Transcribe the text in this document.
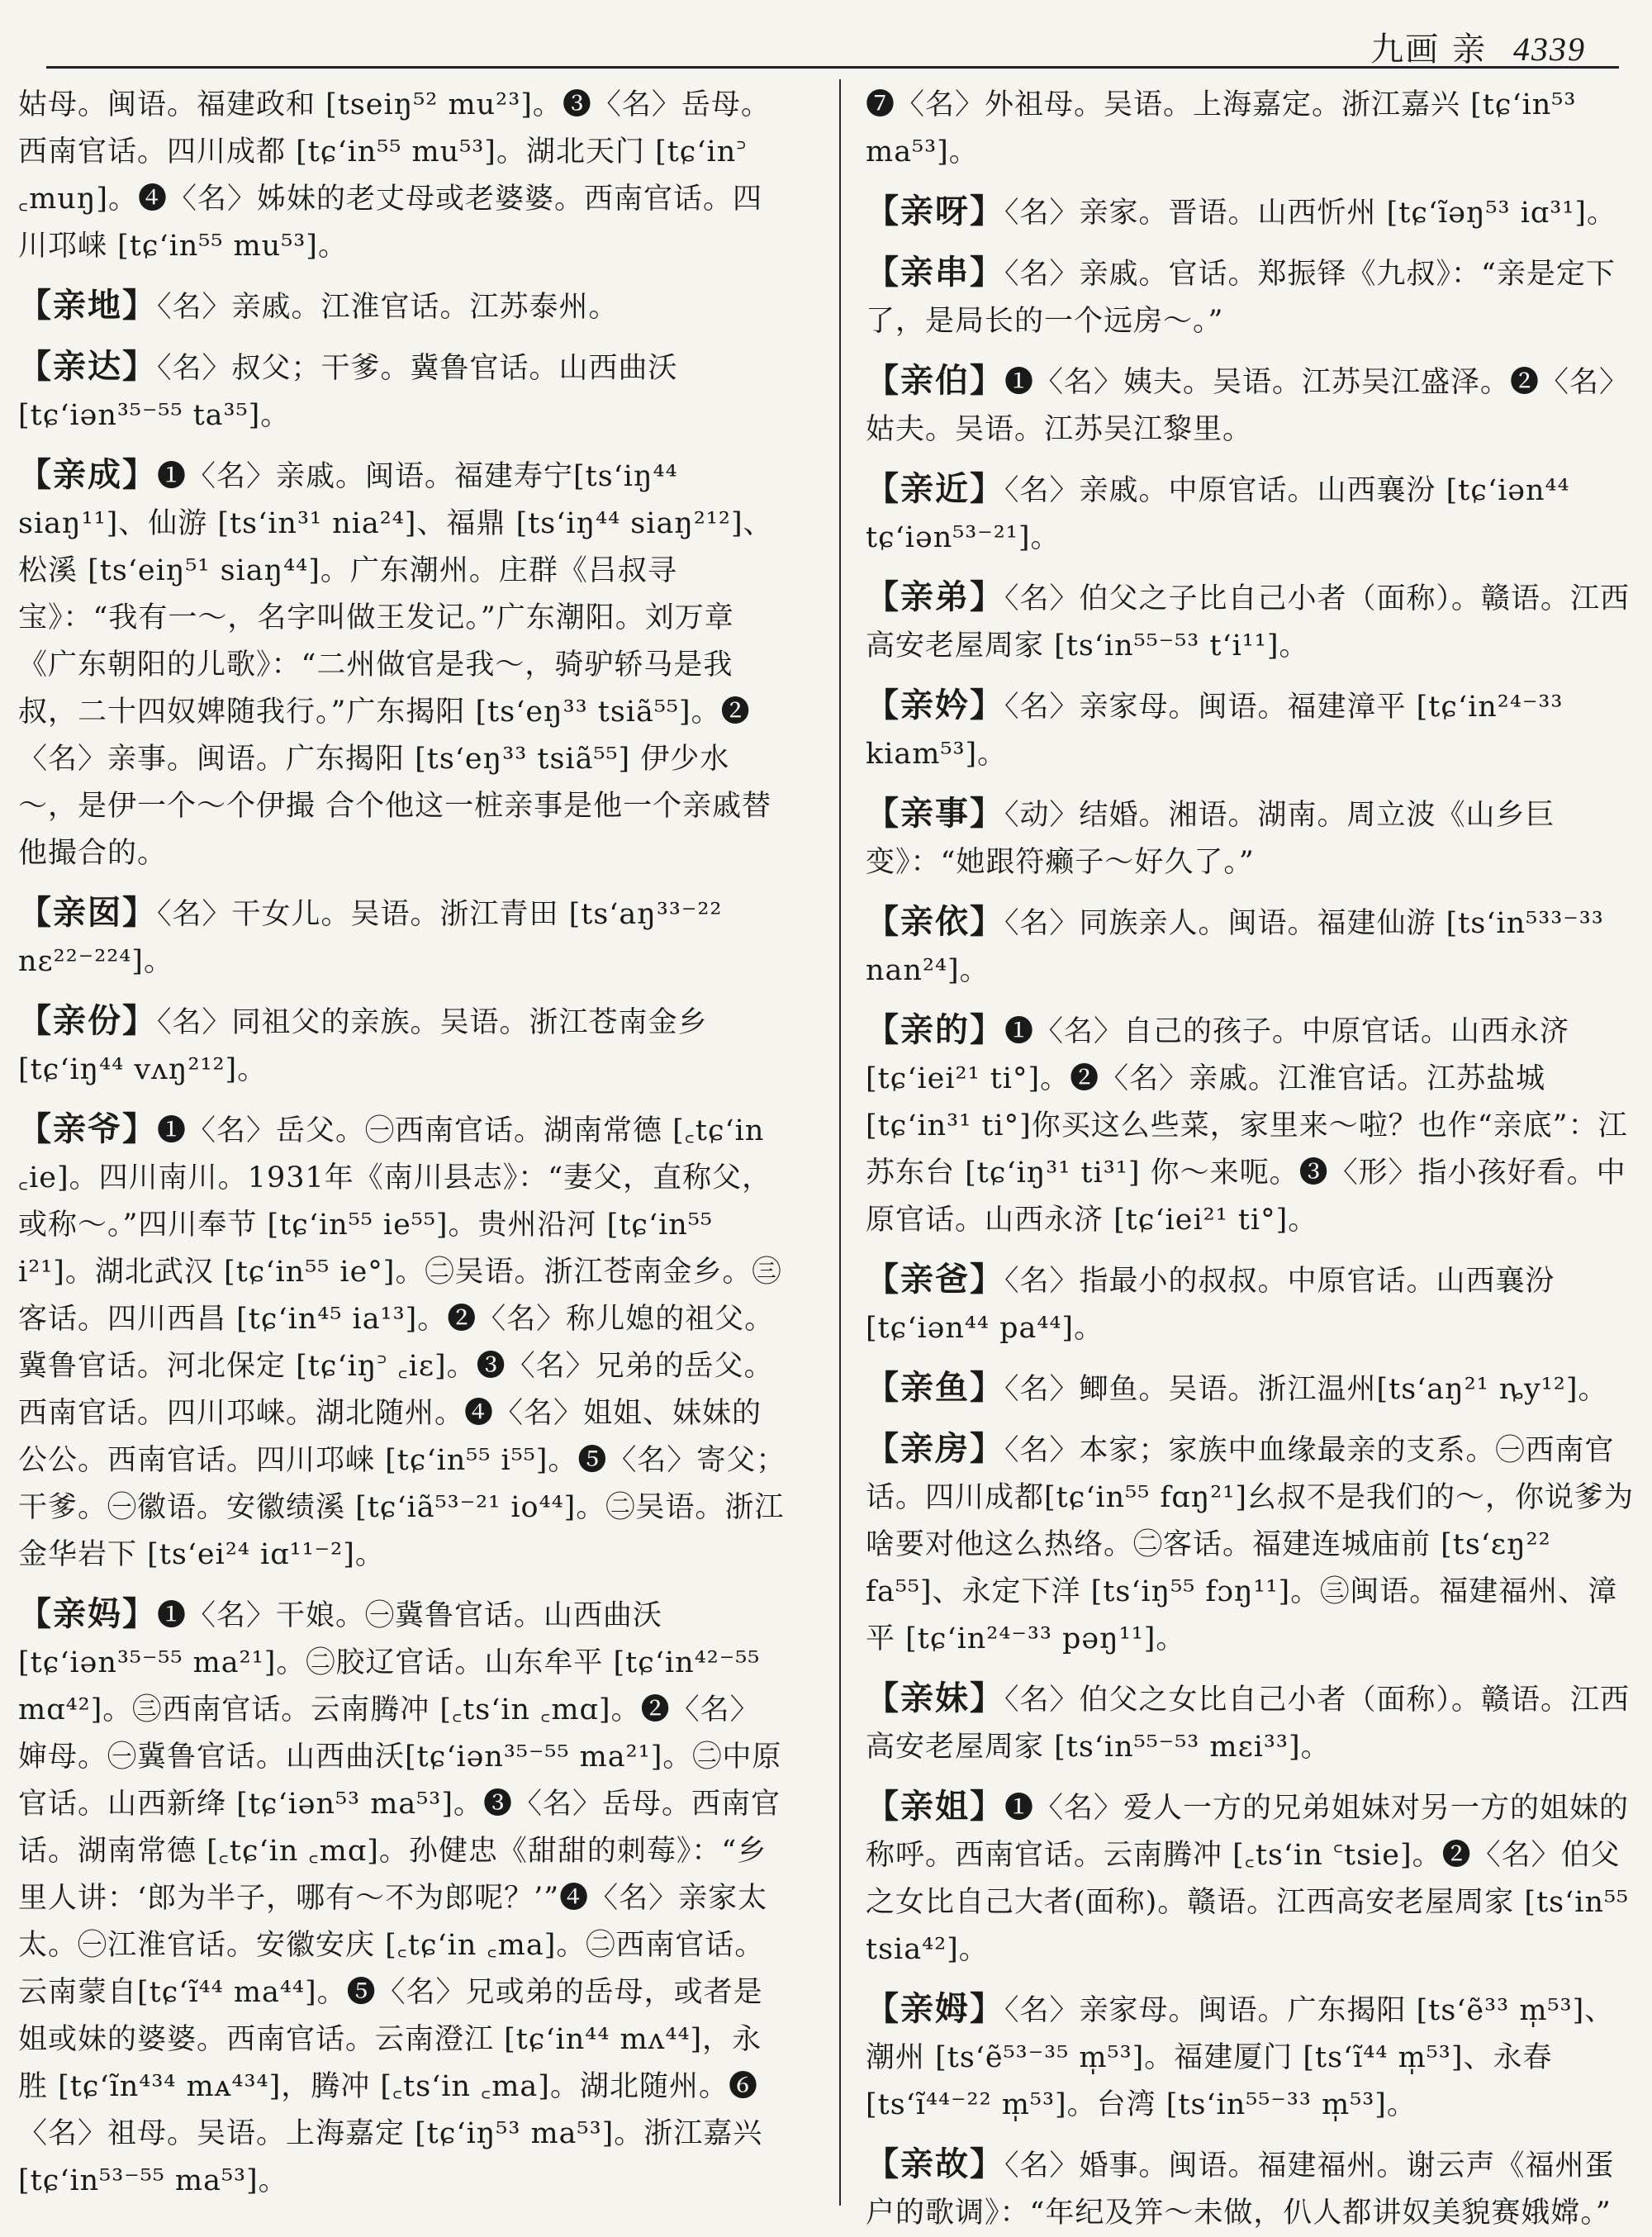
九画 亲 4339

姑母。闽语。福建政和 [tseiŋ⁵² mu²³]。❸〈名〉岳母。西南官话。四川成都 [tɕʻin⁵⁵ mu⁵³]。湖北天门 [tɕʻin꜄ ꜀muŋ]。❹〈名〉姊妹的老丈母或老婆婆。西南官话。四川邛崃 [tɕʻin⁵⁵ mu⁵³]。

【亲地】〈名〉亲戚。江淮官话。江苏泰州。

【亲达】〈名〉叔父；干爹。冀鲁官话。山西曲沃 [tɕʻiən³⁵⁻⁵⁵ ta³⁵]。

【亲成】❶〈名〉亲戚。闽语。福建寿宁[tsʻiŋ⁴⁴ siaŋ¹¹]、仙游 [tsʻin³¹ nia²⁴]、福鼎 [tsʻiŋ⁴⁴ siaŋ²¹²]、松溪 [tsʻeiŋ⁵¹ siaŋ⁴⁴]。广东潮州。庄群《吕叔寻宝》：“我有一～，名字叫做王发记。”广东潮阳。刘万章《广东朝阳的儿歌》：“二州做官是我～，骑驴轿马是我叔，二十四奴婢随我行。”广东揭阳 [tsʻeŋ³³ tsiã⁵⁵]。❷〈名〉亲事。闽语。广东揭阳 [tsʻeŋ³³ tsiã⁵⁵] 伊少水～，是伊一个～个伊撮 合个他这一桩亲事是他一个亲戚替他撮合的。

【亲囡】〈名〉干女儿。吴语。浙江青田 [tsʻaŋ³³⁻²² nɛ²²⁻²²⁴]。

【亲份】〈名〉同祖父的亲族。吴语。浙江苍南金乡 [tɕʻiŋ⁴⁴ vʌŋ²¹²]。

【亲爷】❶〈名〉岳父。㊀西南官话。湖南常德 [꜀tɕʻin ꜀ie]。四川南川。1931年《南川县志》：“妻父，直称父，或称～。”四川奉节 [tɕʻin⁵⁵ ie⁵⁵]。贵州沿河 [tɕʻin⁵⁵ i²¹]。湖北武汉 [tɕʻin⁵⁵ ie°]。㊁吴语。浙江苍南金乡。㊂客话。四川西昌 [tɕʻin⁴⁵ ia¹³]。❷〈名〉称儿媳的祖父。冀鲁官话。河北保定 [tɕʻiŋ꜄ ꜀iɛ]。❸〈名〉兄弟的岳父。西南官话。四川邛崃。湖北随州。❹〈名〉姐姐、妹妹的公公。西南官话。四川邛崃 [tɕʻin⁵⁵ i⁵⁵]。❺〈名〉寄父；干爹。㊀徽语。安徽绩溪 [tɕʻiã⁵³⁻²¹ io⁴⁴]。㊁吴语。浙江金华岩下 [tsʻei²⁴ iɑ¹¹⁻²]。

【亲妈】❶〈名〉干娘。㊀冀鲁官话。山西曲沃 [tɕʻiən³⁵⁻⁵⁵ ma²¹]。㊁胶辽官话。山东牟平 [tɕʻin⁴²⁻⁵⁵ mɑ⁴²]。㊂西南官话。云南腾冲 [꜀tsʻin ꜀mɑ]。❷〈名〉婶母。㊀冀鲁官话。山西曲沃[tɕʻiən³⁵⁻⁵⁵ ma²¹]。㊁中原官话。山西新绛 [tɕʻiən⁵³ ma⁵³]。❸〈名〉岳母。西南官话。湖南常德 [꜀tɕʻin ꜀mɑ]。孙健忠《甜甜的刺莓》：“乡里人讲：‘郎为半子，哪有～不为郎呢？’”❹〈名〉亲家太太。㊀江淮官话。安徽安庆 [꜀tɕʻin ꜀ma]。㊁西南官话。云南蒙自[tɕʻĩ⁴⁴ ma⁴⁴]。❺〈名〉兄或弟的岳母，或者是姐或妹的婆婆。西南官话。云南澄江 [tɕʻin⁴⁴ mʌ⁴⁴]，永胜 [tɕʻĩn⁴³⁴ mᴀ⁴³⁴]，腾冲 [꜀tsʻin ꜀ma]。湖北随州。❻〈名〉祖母。吴语。上海嘉定 [tɕʻiŋ⁵³ ma⁵³]。浙江嘉兴 [tɕʻin⁵³⁻⁵⁵ ma⁵³]。

❼〈名〉外祖母。吴语。上海嘉定。浙江嘉兴 [tɕʻin⁵³ ma⁵³]。

【亲呀】〈名〉亲家。晋语。山西忻州 [tɕʻĩəŋ⁵³ iɑ³¹]。

【亲串】〈名〉亲戚。官话。郑振铎《九叔》：“亲是定下了，是局长的一个远房～。”

【亲伯】❶〈名〉姨夫。吴语。江苏吴江盛泽。❷〈名〉姑夫。吴语。江苏吴江黎里。

【亲近】〈名〉亲戚。中原官话。山西襄汾 [tɕʻiən⁴⁴ tɕʻiən⁵³⁻²¹]。

【亲弟】〈名〉伯父之子比自己小者（面称）。赣语。江西高安老屋周家 [tsʻin⁵⁵⁻⁵³ tʻi¹¹]。

【亲妗】〈名〉亲家母。闽语。福建漳平 [tɕʻin²⁴⁻³³ kiam⁵³]。

【亲事】〈动〉结婚。湘语。湖南。周立波《山乡巨变》：“她跟符癞子～好久了。”

【亲依】〈名〉同族亲人。闽语。福建仙游 [tsʻin⁵³³⁻³³ nan²⁴]。

【亲的】❶〈名〉自己的孩子。中原官话。山西永济 [tɕʻiei²¹ ti°]。❷〈名〉亲戚。江淮官话。江苏盐城 [tɕʻin³¹ ti°]你买这么些菜，家里来～啦？也作“亲底”：江苏东台 [tɕʻiŋ³¹ ti³¹] 你～来呃。❸〈形〉指小孩好看。中原官话。山西永济 [tɕʻiei²¹ ti°]。

【亲爸】〈名〉指最小的叔叔。中原官话。山西襄汾 [tɕʻiən⁴⁴ pa⁴⁴]。

【亲鱼】〈名〉鲫鱼。吴语。浙江温州[tsʻaŋ²¹ ȵy¹²]。

【亲房】〈名〉本家；家族中血缘最亲的支系。㊀西南官话。四川成都[tɕʻin⁵⁵ fɑŋ²¹]幺叔不是我们的～，你说爹为啥要对他这么热络。㊁客话。福建连城庙前 [tsʻɛŋ²² fa⁵⁵]、永定下洋 [tsʻiŋ⁵⁵ fɔŋ¹¹]。㊂闽语。福建福州、漳平 [tɕʻin²⁴⁻³³ pəŋ¹¹]。

【亲妹】〈名〉伯父之女比自己小者（面称）。赣语。江西高安老屋周家 [tsʻin⁵⁵⁻⁵³ mɛi³³]。

【亲姐】❶〈名〉爱人一方的兄弟姐妹对另一方的姐妹的称呼。西南官话。云南腾冲 [꜀tsʻin ꜂tsie]。❷〈名〉伯父之女比自己大者(面称)。赣语。江西高安老屋周家 [tsʻin⁵⁵ tsia⁴²]。

【亲姆】〈名〉亲家母。闽语。广东揭阳 [tsʻẽ³³ m̩⁵³]、潮州 [tsʻẽ⁵³⁻³⁵ m̩⁵³]。福建厦门 [tsʻĩ⁴⁴ m̩⁵³]、永春 [tsʻĩ⁴⁴⁻²² m̩⁵³]。台湾 [tsʻin⁵⁵⁻³³ m̩⁵³]。

【亲故】〈名〉婚事。闽语。福建福州。谢云声《福州蛋户的歌调》：“年纪及笄～未做，仈人都讲奴美貌赛娥嫦。”
